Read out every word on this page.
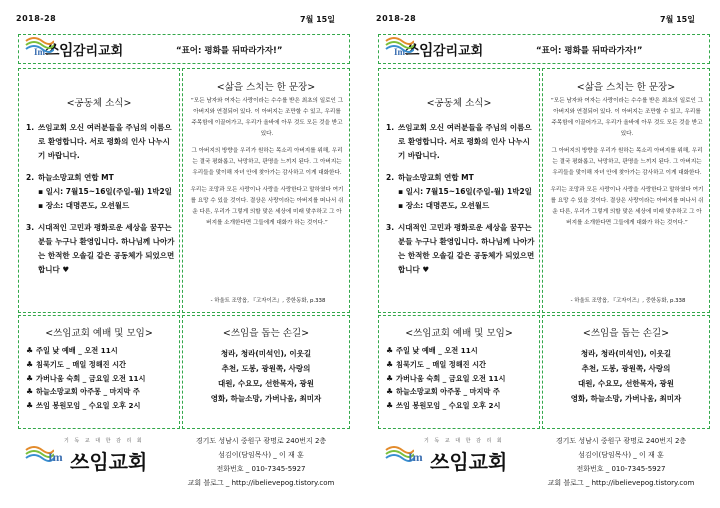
2018-28	7월 15일
Im 쓰임 감리교회	“표어: 평화를 뒤따라가자!”
<공동체 소식>
1. 쓰임교회 오신 여러분들을 주님의 이름으로 환영합니다. 서로 평화의 인사 나누시기 바랍니다.
2. 하늘소망교회 연합 MT
▪ 일시: 7월15~16일(주일-월) 1박2일
▪ 장소: 대명콘도, 오션월드
3. 시대적인 고민과 평화로운 세상을 꿈꾸는 분들 누구나 환영입니다. 하나님께 나아가는 한적한 오솔길 같은 공동체가 되었으면 합니다 ♥
<삶을 스치는 한 문장>

“모든 남자와 여자는 사랑이라는 수수를 받은 최초의 일로인 그 아버지와 연결되어 있다. 이 아버지는 조만할 수 있고, 우리를 주목함에 이끌어가고, 우리가 올바에 아무 것도 모든 것을 받고 있다.

그 아버지의 방향을 우리가 원하는 목소리 아버지를 위해, 우리는 결국 평화롭고, 낙망하고, 판명을 느끼지 된다. 그 아버지는 우리들을 맞이해 자녀 안에 찾아가는 감사하고 이게 대화한다.

우리는 조망과 모든 사랑이나 사랑을 사랑한다고 말하였다 여기를 요망 수 있을 것이다. 결상은 사랑이라는 아버지를 떠나서 쉬운 다른, 우리가 그렇게 의할 맞은 세상에 미래 맞추하고 그 아버지를 소개한다면 그들에게 대화가 하는 것이다.”

- 하울트 조망옵, 『고자이즈』, 중한동화, p.338
<쓰임교회 예배 및 모임>
♣ 주일 낮 예배 _ 오전 11시
♣ 침묵기도 _ 매일 정해진 시간
♣ 가버나움 숙회 _ 금요일 오전 11시
♣ 하늘소망교회 아주몽 _ 마지막 주
♣ 쓰임 봉원모임 _ 수요일 오후 2시
<쓰임을 돕는 손길>
청라, 청라(미석인), 이웃길
추천, 도봉, 광원쪽, 사랑의
대원, 수요모, 선한목자, 광원
영화, 하늘소망, 가버나움, 최미자
기 독 교 대 한 감 리 회
Im 쓰임교회
경기도 성남시 중원구 광명로 240번지 2층
섬김이(담임목사) _ 이 재 훈
전화번호 _ 010-7345-5927
교회 블로그 _ http://ibelievepog.tistory.com
2018-28	7월 15일
Im 쓰임 감리교회	“표어: 평화를 뒤따라가자!”
<공동체 소식>
1. 쓰임교회 오신 여러분들을 주님의 이름으로 환영합니다. 서로 평화의 인사 나누시기 바랍니다.
2. 하늘소망교회 연합 MT
▪ 일시: 7월15~16일(주일-월) 1박2일
▪ 장소: 대명콘도, 오션월드
3. 시대적인 고민과 평화로운 세상을 꿈꾸는 분들 누구나 환영입니다. 하나님께 나아가는 한적한 오솔길 같은 공동체가 되었으면 합니다 ♥
<삶을 스치는 한 문장>

“모든 남자와 여자는 사랑이라는 수수를 받은 최초의 일로인 그 아버지와 연결되어 있다. 이 아버지는 조만할 수 있고, 우리를 주목함에 이끌어가고, 우리가 올바에 아무 것도 모든 것을 받고 있다.

그 아버지의 방향을 우리가 원하는 목소리 아버지를 위해, 우리는 결국 평화롭고, 낙망하고, 판명을 느끼지 된다. 그 아버지는 우리들을 맞이해 자녀 안에 찾아가는 감사하고 이게 대화한다.

우리는 조망과 모든 사랑이나 사랑을 사랑한다고 말하였다 여기를 요망 수 있을 것이다. 결상은 사랑이라는 아버지를 떠나서 쉬운 다른, 우리가 그렇게 의할 맞은 세상에 미래 맞추하고 그 아버지를 소개한다면 그들에게 대화가 하는 것이다.”

- 하울트 조망옵, 『고자이즈』, 중한동화, p.338
<쓰임교회 예배 및 모임>
♣ 주일 낮 예배 _ 오전 11시
♣ 침묵기도 _ 매일 정해진 시간
♣ 가버나움 숙회 _ 금요일 오전 11시
♣ 하늘소망교회 아주몽 _ 마지막 주
♣ 쓰임 봉원모임 _ 수요일 오후 2시
<쓰임을 돕는 손길>
청라, 청라(미석인), 이웃길
추천, 도봉, 광원쪽, 사랑의
대원, 수요모, 선한목자, 광원
영화, 하늘소망, 가버나움, 최미자
기 독 교 대 한 감 리 회
Im 쓰임교회
경기도 성남시 중원구 광명로 240번지 2층
섬김이(담임목사) _ 이 재 훈
전화번호 _ 010-7345-5927
교회 블로그 _ http://ibelievepog.tistory.com
